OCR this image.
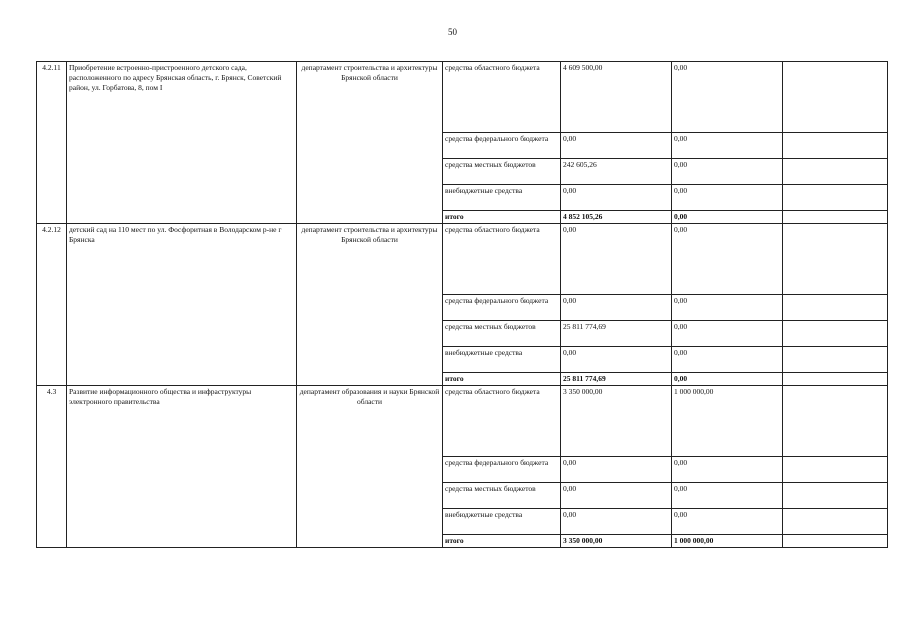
50
4.2.11	Приобретение встроенно-пристроенного детского сада, расположенного по адресу Брянская область, г. Брянск, Советский район, ул. Горбатова, 8, пом I	департамент строительства и архитектуры Брянской области	средства областного бюджета	4 609 500,00	0,00	
			средства федерального бюджета	0,00	0,00	
			средства местных бюджетов	242 605,26	0,00	
			внебюджетные средства	0,00	0,00	
			итого	4 852 105,26	0,00	
4.2.12	детский сад на 110 мест по ул. Фосфоритная в Володарском р-не г Брянска	департамент строительства и архитектуры Брянской области	средства областного бюджета	0,00	0,00	
			средства федерального бюджета	0,00	0,00	
			средства местных бюджетов	25 811 774,69	0,00	
			внебюджетные средства	0,00	0,00	
			итого	25 811 774,69	0,00	
4.3	Развитие информационного общества и инфраструктуры электронного правительства	департамент образования и науки Брянской области	средства областного бюджета	3 350 000,00	1 000 000,00	
			средства федерального бюджета	0,00	0,00	
			средства местных бюджетов	0,00	0,00	
			внебюджетные средства	0,00	0,00	
			итого	3 350 000,00	1 000 000,00	
